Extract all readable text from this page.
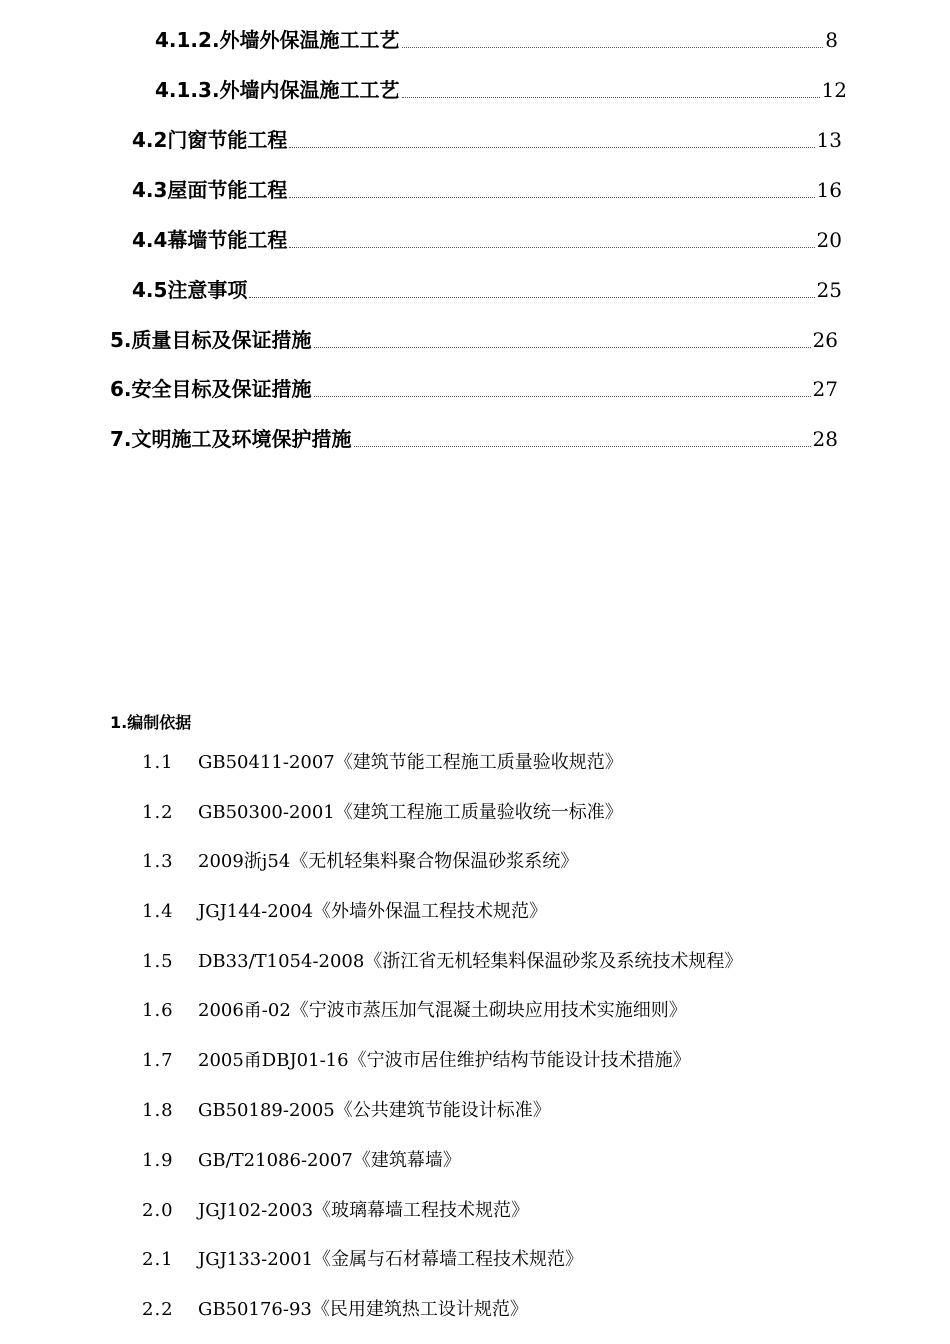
4.1.2.外墙外保温施工工艺	8
4.1.3.外墙内保温施工工艺	12
4.2门窗节能工程	13
4.3屋面节能工程	16
4.4幕墙节能工程	20
4.5注意事项	25
5.质量目标及保证措施	26
6.安全目标及保证措施	27
7.文明施工及环境保护措施	28
1.编制依据
1.1 GB50411-2007《建筑节能工程施工质量验收规范》
1.2 GB50300-2001《建筑工程施工质量验收统一标准》
1.3 2009浙j54《无机轻集料聚合物保温砂浆系统》
1.4 JGJ144-2004《外墙外保温工程技术规范》
1.5 DB33/T1054-2008《浙江省无机轻集料保温砂浆及系统技术规程》
1.6 2006甬-02《宁波市蒸压加气混凝土砌块应用技术实施细则》
1.7 2005甬DBJ01-16《宁波市居住维护结构节能设计技术措施》
1.8 GB50189-2005《公共建筑节能设计标准》
1.9 GB/T21086-2007《建筑幕墙》
2.0 JGJ102-2003《玻璃幕墙工程技术规范》
2.1 JGJ133-2001《金属与石材幕墙工程技术规范》
2.2 GB50176-93《民用建筑热工设计规范》
